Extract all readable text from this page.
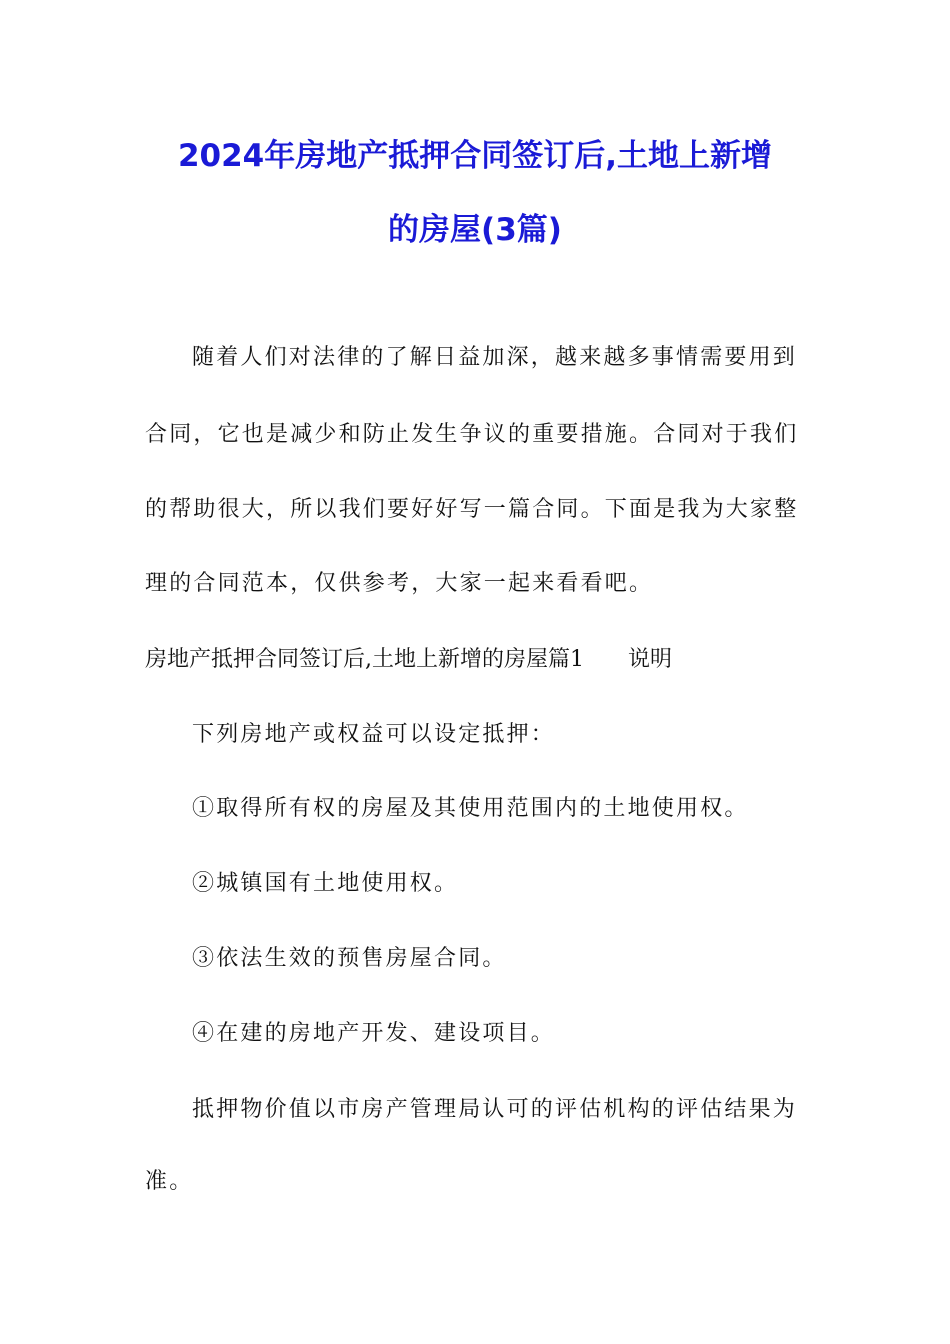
2024年房地产抵押合同签订后,土地上新增
的房屋(3篇)
随着人们对法律的了解日益加深，越来越多事情需要用到
合同，它也是减少和防止发生争议的重要措施。合同对于我们
的帮助很大，所以我们要好好写一篇合同。下面是我为大家整
理的合同范本，仅供参考，大家一起来看看吧。
房地产抵押合同签订后,土地上新增的房屋篇1　　说明
下列房地产或权益可以设定抵押：
①取得所有权的房屋及其使用范围内的土地使用权。
②城镇国有土地使用权。
③依法生效的预售房屋合同。
④在建的房地产开发、建设项目。
抵押物价值以市房产管理局认可的评估机构的评估结果为
准。
